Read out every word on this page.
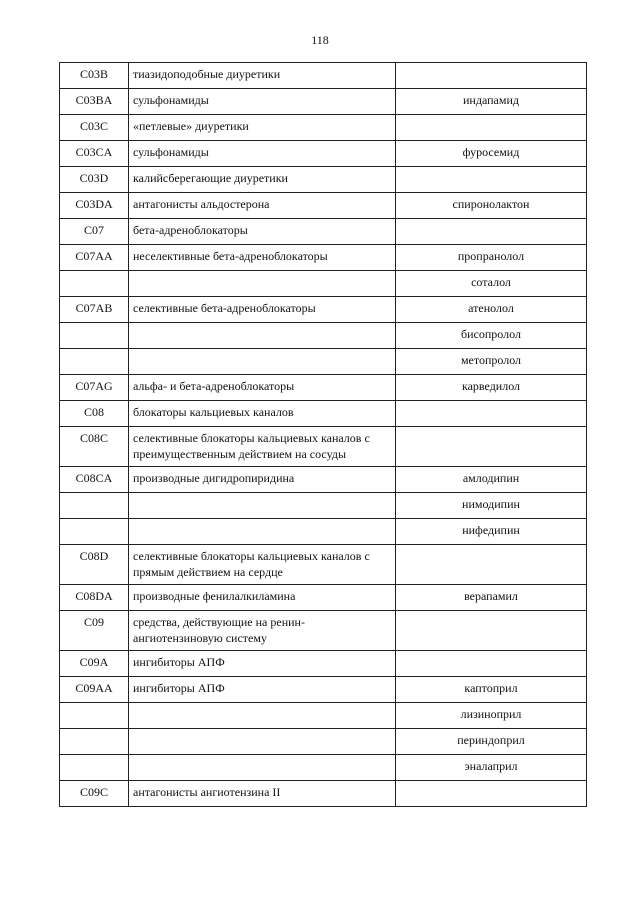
118
C03B	тиазидоподобные диуретики	
C03BA	сульфонамиды	индапамид
C03C	«петлевые» диуретики	
C03CA	сульфонамиды	фуросемид
C03D	калийсберегающие диуретики	
C03DA	антагонисты альдостерона	спиронолактон
C07	бета-адреноблокаторы	
C07AA	неселективные бета-адреноблокаторы	пропранолол
		соталол
C07AB	селективные бета-адреноблокаторы	атенолол
		бисопролол
		метопролол
C07AG	альфа- и бета-адреноблокаторы	карведилол
C08	блокаторы кальциевых каналов	
C08C	селективные блокаторы кальциевых каналов с преимущественным действием на сосуды	
C08CA	производные дигидропиридина	амлодипин
		нимодипин
		нифедипин
C08D	селективные блокаторы кальциевых каналов с прямым действием на сердце	
C08DA	производные фенилалкиламина	верапамил
C09	средства, действующие на ренин-ангиотензиновую систему	
C09A	ингибиторы АПФ	
C09AA	ингибиторы АПФ	каптоприл
		лизиноприл
		периндоприл
		эналаприл
C09C	антагонисты ангиотензина II	
